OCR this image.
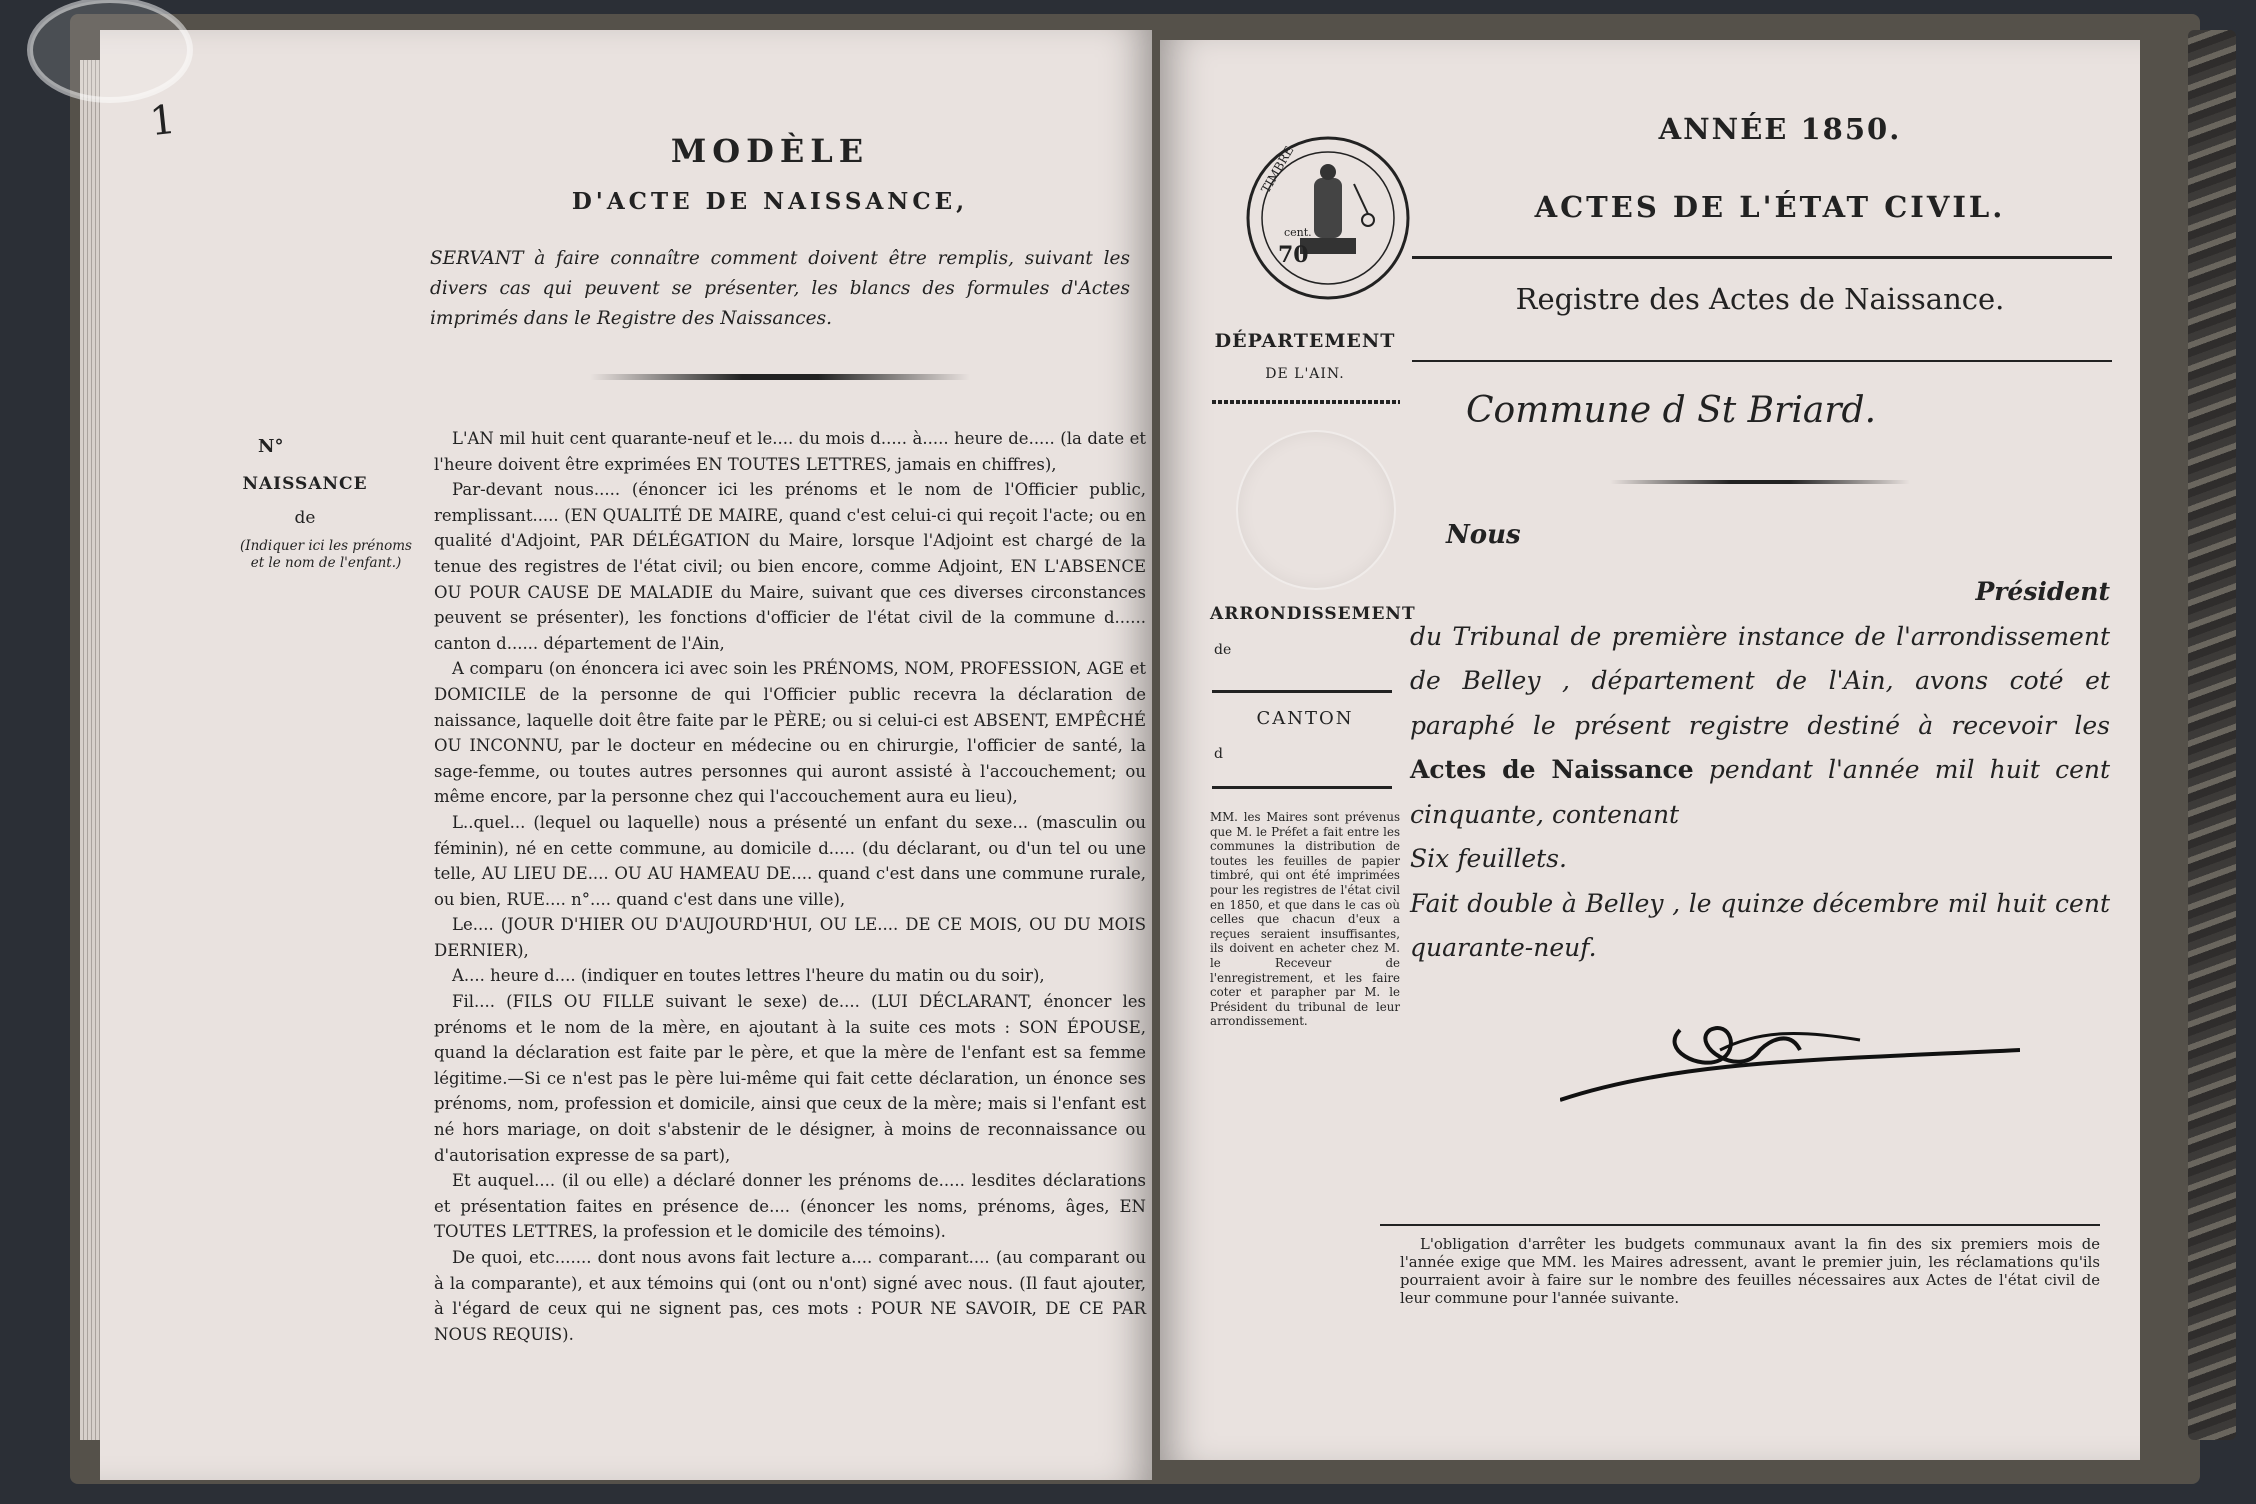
1
MODÈLE
D'ACTE DE NAISSANCE,
SERVANT à faire connaître comment doivent être remplis, suivant les divers cas qui peuvent se présenter, les blancs des formules d'Actes imprimés dans le Registre des Naissances.
N°
NAISSANCE
de
(Indiquer ici les prénoms et le nom de l'enfant.)

L'AN mil huit cent quarante-neuf et le.... du mois d..... à..... heure de..... (la date et l'heure doivent être exprimées EN TOUTES LETTRES, jamais en chiffres),

Par-devant nous..... (énoncer ici les prénoms et le nom de l'Officier public, remplissant..... (EN QUALITÉ DE MAIRE, quand c'est celui-ci qui reçoit l'acte; ou en qualité d'Adjoint, PAR DÉLÉGATION du Maire, lorsque l'Adjoint est chargé de la tenue des registres de l'état civil; ou bien encore, comme Adjoint, EN L'ABSENCE OU POUR CAUSE DE MALADIE du Maire, suivant que ces diverses circonstances peuvent se présenter), les fonctions d'officier de l'état civil de la commune d...... canton d...... département de l'Ain,

A comparu (on énoncera ici avec soin les PRÉNOMS, NOM, PROFESSION, AGE et DOMICILE de la personne de qui l'Officier public recevra la déclaration de naissance, laquelle doit être faite par le PÈRE; ou si celui-ci est ABSENT, EMPÊCHÉ OU INCONNU, par le docteur en médecine ou en chirurgie, l'officier de santé, la sage-femme, ou toutes autres personnes qui auront assisté à l'accouchement; ou même encore, par la personne chez qui l'accouchement aura eu lieu),

L..quel... (lequel ou laquelle) nous a présenté un enfant du sexe... (masculin ou féminin), né en cette commune, au domicile d..... (du déclarant, ou d'un tel ou une telle, AU LIEU DE.... OU AU HAMEAU DE.... quand c'est dans une commune rurale, ou bien, RUE.... n°.... quand c'est dans une ville),

Le.... (JOUR D'HIER OU D'AUJOURD'HUI, OU LE.... DE CE MOIS, OU DU MOIS DERNIER),

A.... heure d.... (indiquer en toutes lettres l'heure du matin ou du soir),

Fil.... (FILS OU FILLE suivant le sexe) de.... (LUI DÉCLARANT, énoncer les prénoms et le nom de la mère, en ajoutant à la suite ces mots : SON ÉPOUSE, quand la déclaration est faite par le père, et que la mère de l'enfant est sa femme légitime.—Si ce n'est pas le père lui-même qui fait cette déclaration, un énonce ses prénoms, nom, profession et domicile, ainsi que ceux de la mère; mais si l'enfant est né hors mariage, on doit s'abstenir de le désigner, à moins de reconnaissance ou d'autorisation expresse de sa part),

Et auquel.... (il ou elle) a déclaré donner les prénoms de..... lesdites déclarations et présentation faites en présence de.... (énoncer les noms, prénoms, âges, EN TOUTES LETTRES, la profession et le domicile des témoins).

De quoi, etc....... dont nous avons fait lecture a.... comparant.... (au comparant ou à la comparante), et aux témoins qui (ont ou n'ont) signé avec nous. (Il faut ajouter, à l'égard de ceux qui ne signent pas, ces mots : POUR NE SAVOIR, DE CE PAR NOUS REQUIS).

TIMBRE
cent.
70
ANNÉE 1850.
ACTES DE L'ÉTAT CIVIL.
Registre des Actes de Naissance.
Commune d St Briard.
DÉPARTEMENT
DE L'AIN.
ARRONDISSEMENT
de
CANTON
d
MM. les Maires sont prévenus que M. le Préfet a fait entre les communes la distribution de toutes les feuilles de papier timbré, qui ont été imprimées pour les registres de l'état civil en 1850, et que dans le cas où celles que chacun d'eux a reçues seraient insuffisantes, ils doivent en acheter chez M. le Receveur de l'enregistrement, et les faire coter et parapher par M. le Président du tribunal de leur arrondissement.
Nous
Président
du Tribunal de première instance de l'arrondissement de Belley , département de l'Ain, avons coté et paraphé le présent registre destiné à recevoir les Actes de Naissance pendant l'année mil huit cent cinquante, contenant
Six feuillets.
Fait double à Belley , le quinze décembre mil huit cent quarante-neuf.
L'obligation d'arrêter les budgets communaux avant la fin des six premiers mois de l'année exige que MM. les Maires adressent, avant le premier juin, les réclamations qu'ils pourraient avoir à faire sur le nombre des feuilles nécessaires aux Actes de l'état civil de leur commune pour l'année suivante.
